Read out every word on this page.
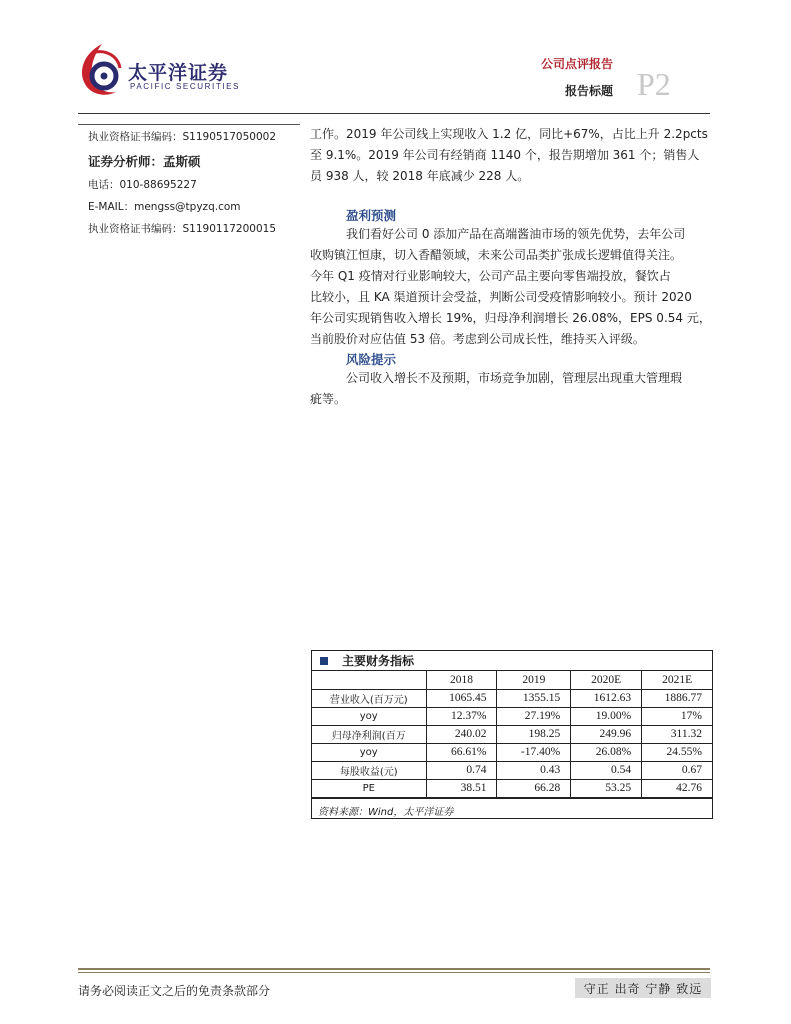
太平洋证券
PACIFIC SECURITIES
公司点评报告
报告标题 P2
执业资格证书编码：S1190517050002
证券分析师：孟斯硕
电话：010-88695227
E-MAIL：mengss@tpyzq.com
执业资格证书编码：S1190117200015
工作。2019 年公司线上实现收入 1.2 亿，同比+67%，占比上升 2.2pcts
至 9.1%。2019 年公司有经销商 1140 个，报告期增加 361 个；销售人
员 938 人，较 2018 年底减少 228 人。
盈利预测
我们看好公司 0 添加产品在高端酱油市场的领先优势，去年公司
收购镇江恒康，切入香醋领域，未来公司品类扩张成长逻辑值得关注。
今年 Q1 疫情对行业影响较大，公司产品主要向零售端投放，餐饮占
比较小，且 KA 渠道预计会受益，判断公司受疫情影响较小。预计 2020
年公司实现销售收入增长 19%，归母净利润增长 26.08%，EPS 0.54 元，
当前股价对应估值 53 倍。考虑到公司成长性，维持买入评级。
风险提示
公司收入增长不及预期，市场竞争加剧，管理层出现重大管理瑕
疵等。
主要财务指标
	2018	2019	2020E	2021E
营业收入(百万元)	1065.45	1355.15	1612.63	1886.77
yoy	12.37%	27.19%	19.00%	17%
归母净利润(百万	240.02	198.25	249.96	311.32
yoy	66.61%	-17.40%	26.08%	24.55%
每股收益(元)	0.74	0.43	0.54	0.67
PE	38.51	66.28	53.25	42.76
资料来源：Wind，太平洋证券
请务必阅读正文之后的免责条款部分	守正 出奇 宁静 致远
